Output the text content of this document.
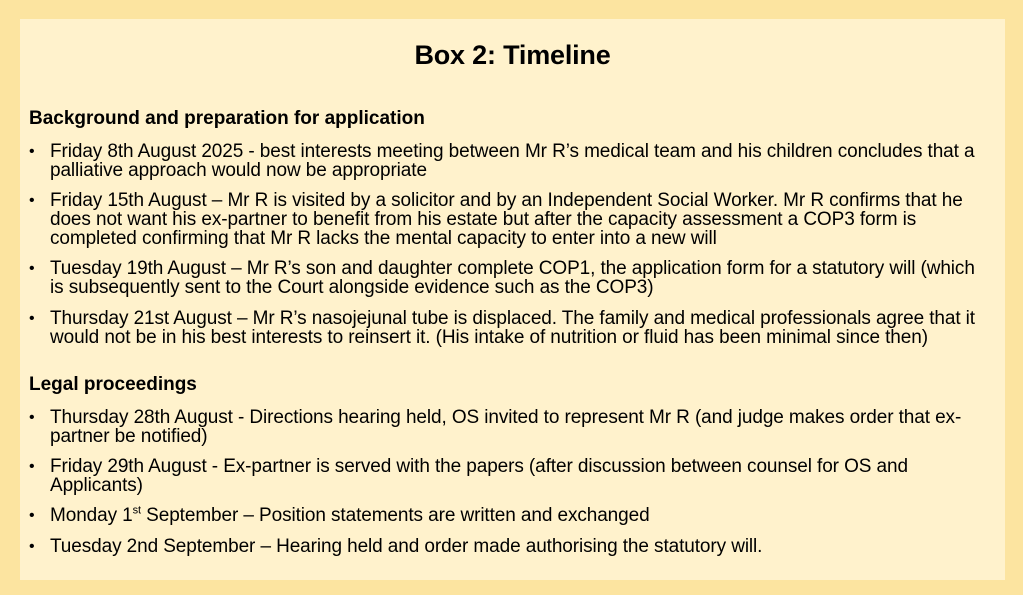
Box 2: Timeline
Background and preparation for application
• Friday 8th August 2025 - best interests meeting between Mr R’s medical team and his children concludes that a palliative approach would now be appropriate
• Friday 15th August – Mr R is visited by a solicitor and by an Independent Social Worker. Mr R confirms that he does not want his ex-partner to benefit from his estate but after the capacity assessment a COP3 form is completed confirming that Mr R lacks the mental capacity to enter into a new will
• Tuesday 19th August – Mr R’s son and daughter complete COP1, the application form for a statutory will (which is subsequently sent to the Court alongside evidence such as the COP3)
• Thursday 21st August – Mr R’s nasojejunal tube is displaced. The family and medical professionals agree that it would not be in his best interests to reinsert it. (His intake of nutrition or fluid has been minimal since then)
Legal proceedings
• Thursday 28th August - Directions hearing held, OS invited to represent Mr R (and judge makes order that ex-partner be notified)
• Friday 29th August - Ex-partner is served with the papers (after discussion between counsel for OS and Applicants)
• Monday 1st September – Position statements are written and exchanged
• Tuesday 2nd September – Hearing held and order made authorising the statutory will.
